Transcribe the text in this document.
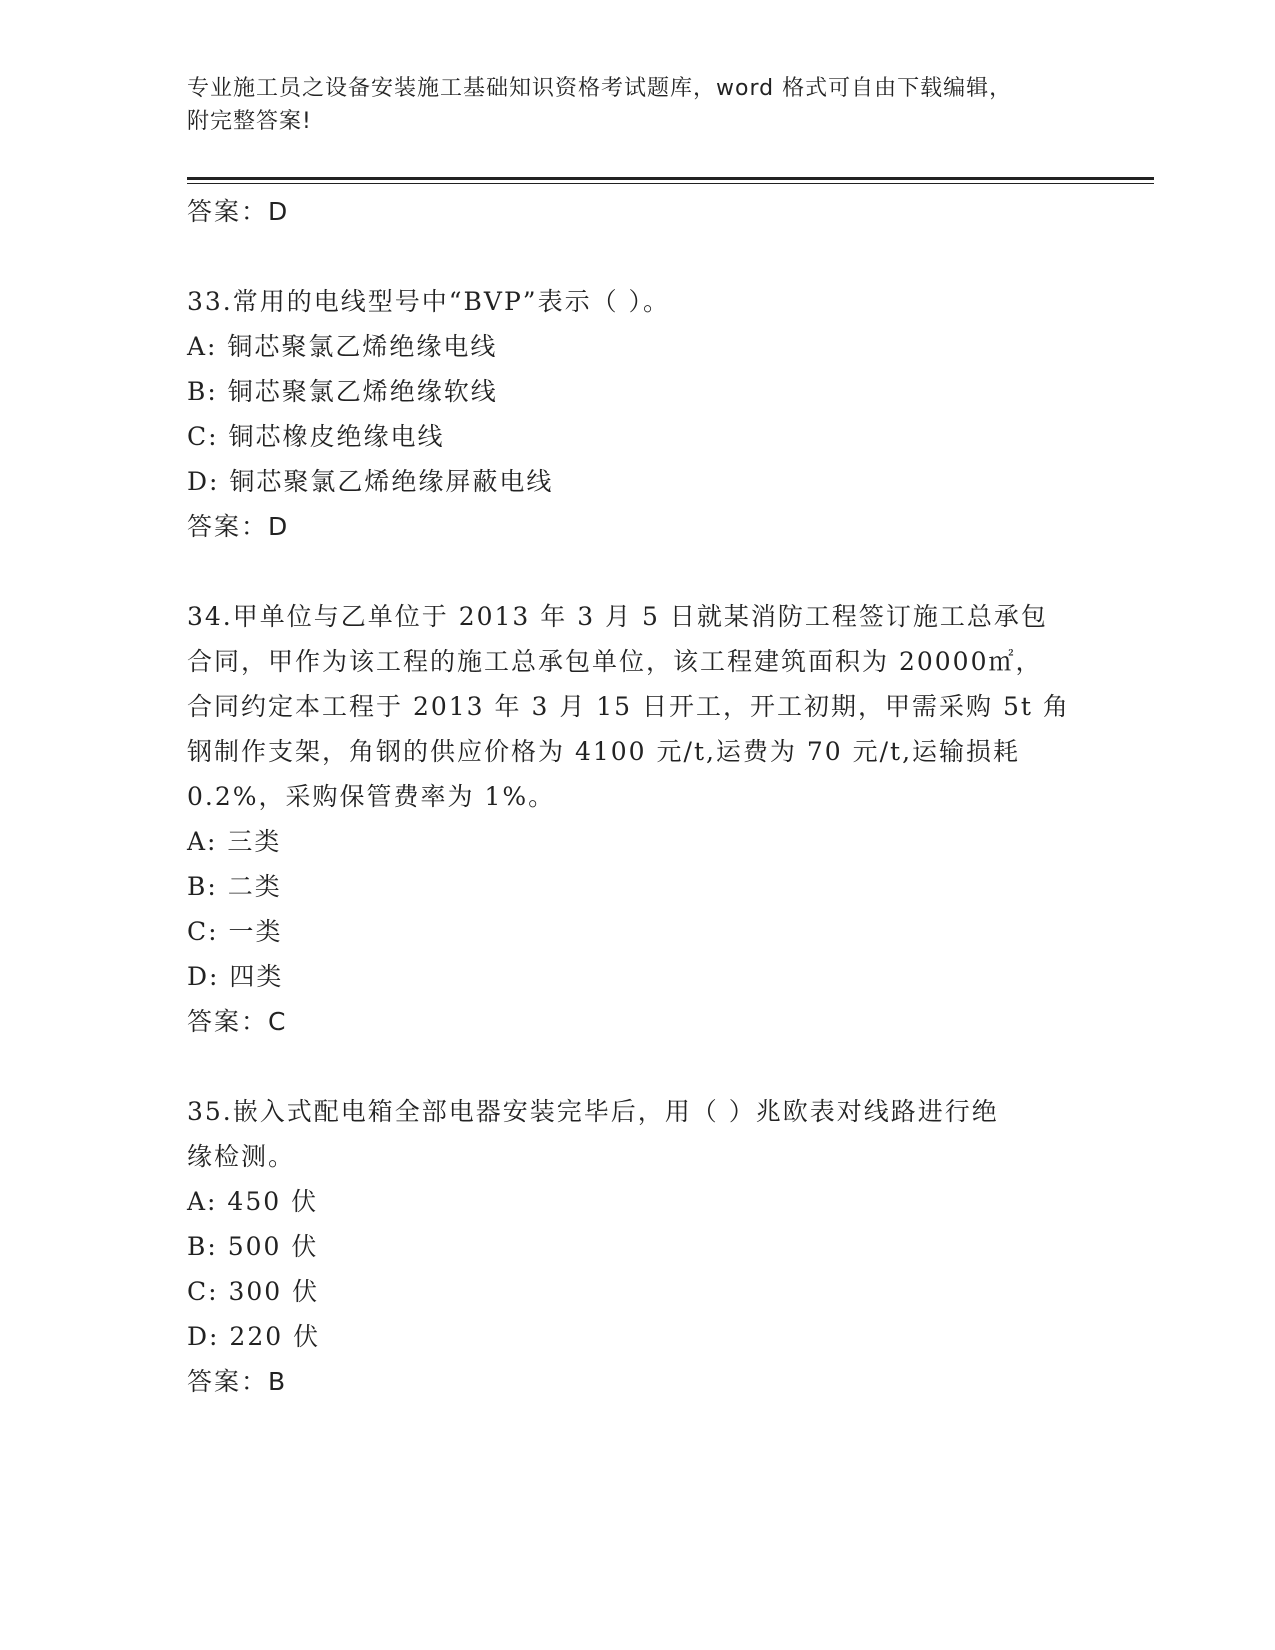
专业施工员之设备安装施工基础知识资格考试题库，word 格式可自由下载编辑，
附完整答案!
答案：D
33.常用的电线型号中“BVP”表示（ ）。
A: 铜芯聚氯乙烯绝缘电线
B: 铜芯聚氯乙烯绝缘软线
C: 铜芯橡皮绝缘电线
D: 铜芯聚氯乙烯绝缘屏蔽电线
答案：D
34.甲单位与乙单位于 2013 年 3 月 5 日就某消防工程签订施工总承包
合同，甲作为该工程的施工总承包单位，该工程建筑面积为 20000㎡，
合同约定本工程于 2013 年 3 月 15 日开工，开工初期，甲需采购 5t 角
钢制作支架，角钢的供应价格为 4100 元/t,运费为 70 元/t,运输损耗
0.2%，采购保管费率为 1%。
A: 三类
B: 二类
C: 一类
D: 四类
答案：C
35.嵌入式配电箱全部电器安装完毕后，用（ ）兆欧表对线路进行绝
缘检测。
A: 450 伏
B: 500 伏
C: 300 伏
D: 220 伏
答案：B
